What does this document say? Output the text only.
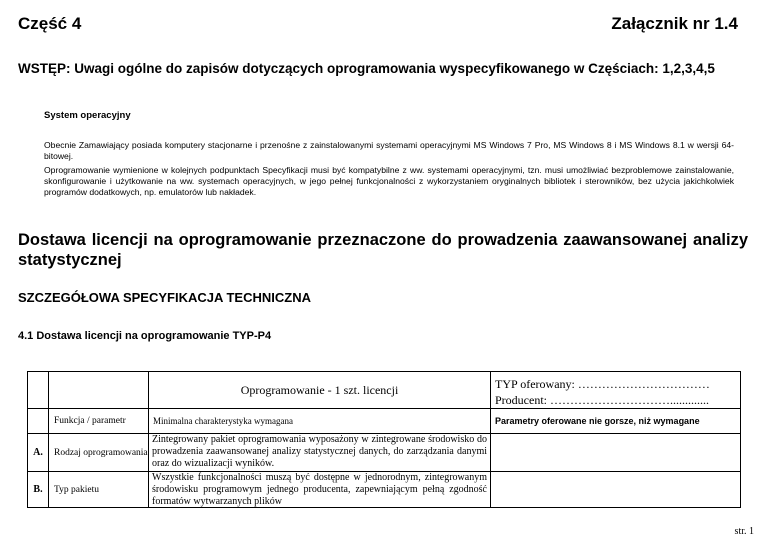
Część 4	Załącznik nr 1.4
WSTĘP: Uwagi ogólne do zapisów dotyczących oprogramowania wyspecyfikowanego w Częściach: 1,2,3,4,5
System operacyjny
Obecnie Zamawiający posiada komputery stacjonarne i przenośne z zainstalowanymi systemami operacyjnymi MS Windows 7 Pro, MS Windows 8 i MS Windows 8.1 w wersji 64-bitowej.
Oprogramowanie wymienione w kolejnych podpunktach Specyfikacji musi być kompatybilne z ww. systemami operacyjnymi, tzn. musi umożliwiać bezproblemowe zainstalowanie, skonfigurowanie i użytkowanie na ww. systemach operacyjnych, w jego pełnej funkcjonalności z wykorzystaniem oryginalnych bibliotek i sterowników, bez użycia jakichkolwiek programów dodatkowych, np. emulatorów lub nakładek.
Dostawa licencji na oprogramowanie przeznaczone do prowadzenia zaawansowanej analizy statystycznej
SZCZEGÓŁOWA SPECYFIKACJA TECHNICZNA
4.1 Dostawa licencji na oprogramowanie TYP-P4
		Oprogramowanie - 1 szt. licencji	TYP oferowany: ……………………………
Producent: ………………………….............

	Funkcja / parametr	Minimalna charakterystyka wymagana	Parametry oferowane nie gorsze, niż wymagane
A.	Rodzaj oprogramowania	Zintegrowany pakiet oprogramowania wyposażony w zintegrowane środowisko do prowadzenia zaawansowanej analizy statystycznej danych, do zarządzania danymi oraz do wizualizacji wyników.	
B.	Typ pakietu	Wszystkie funkcjonalności muszą być dostępne w jednorodnym, zintegrowanym środowisku programowym jednego producenta, zapewniającym pełną zgodność formatów wytwarzanych plików	
str. 1
